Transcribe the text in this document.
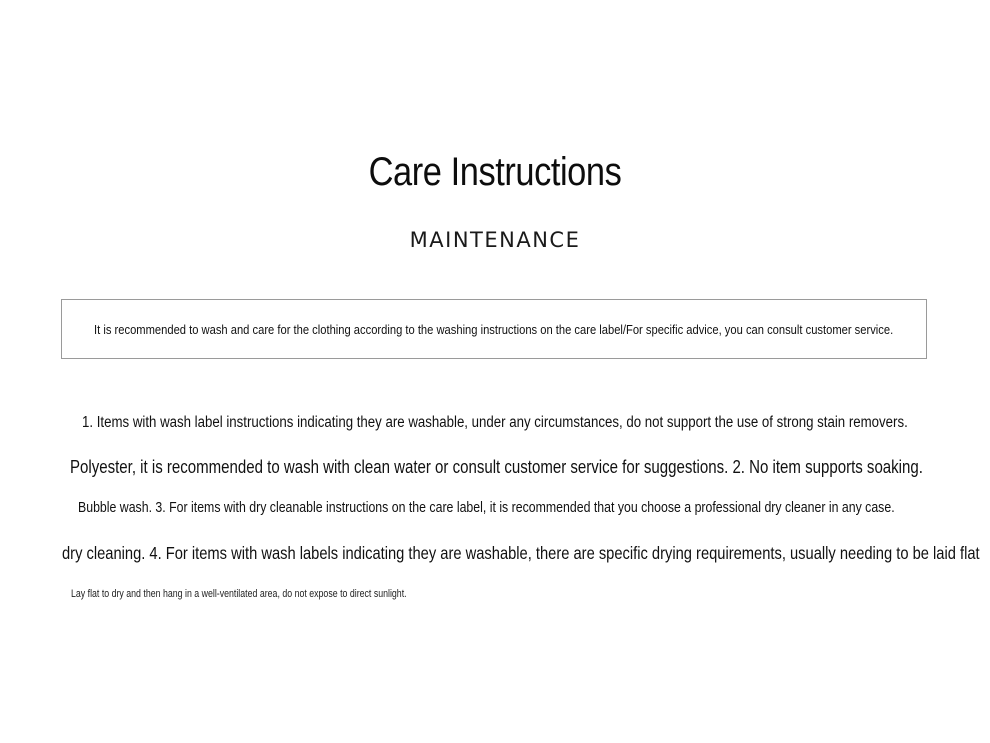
Care Instructions
MAINTENANCE
It is recommended to wash and care for the clothing according to the washing instructions on the care label/For specific advice, you can consult customer service.
1. Items with wash label instructions indicating they are washable, under any circumstances, do not support the use of strong stain removers.
Polyester, it is recommended to wash with clean water or consult customer service for suggestions. 2. No item supports soaking.
Bubble wash. 3. For items with dry cleanable instructions on the care label, it is recommended that you choose a professional dry cleaner in any case.
dry cleaning. 4. For items with wash labels indicating they are washable, there are specific drying requirements, usually needing to be laid flat
Lay flat to dry and then hang in a well-ventilated area, do not expose to direct sunlight.
